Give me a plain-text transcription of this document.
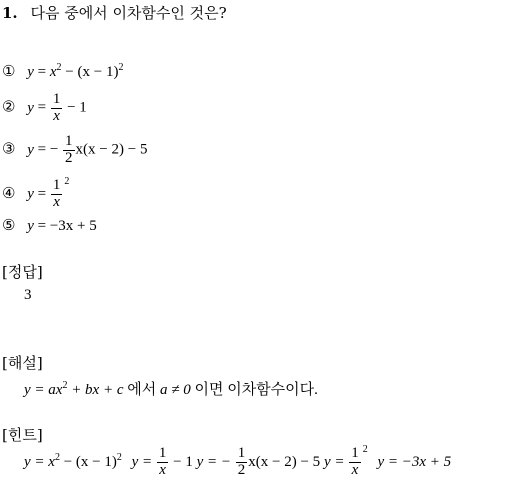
1. 다음 중에서 이차함수인 것은?
① $y = x^2 - (x - 1)^2$
② $y = \frac{1}{x} - 1$
③ y = − $\frac{1}{2} x(x - 2) - 5$
④ $y = \frac{1}{x} ^2$
⑤ y = −3x + 5
[정답]
3
[해설]
$y = ax^2$ + bx + c 에서 a ≠ 0 이면 이차함수이다.
[힌트]
$y = x^2 - (x - 1)^2$ $y = \frac{1}{x} - 1$ y = − $\frac{1}{2} x(x - 2) - 5$ $y = \frac{1}{x} ^2$ y = −3x + 5
